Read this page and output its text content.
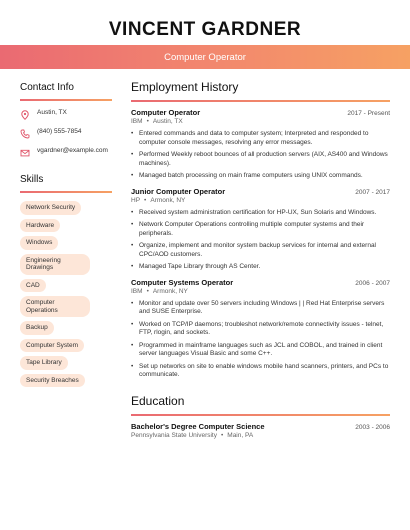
VINCENT GARDNER
Computer Operator
Contact Info
Austin, TX
(840) 555-7854
vgardner@example.com
Skills
Network Security
Hardware
Windows
Engineering Drawings
CAD
Computer Operations
Backup
Computer System
Tape Library
Security Breaches
Employment History
Computer Operator	2017 - Present
IBM • Austin, TX
• Entered commands and data to computer system; Interpreted and responded to computer console messages, resolving any error messages.
• Performed Weekly reboot bounces of all production servers (AIX, AS400 and Windows machines).
• Managed batch processing on main frame computers using UNIX commands.
Junior Computer Operator	2007 - 2017
HP • Armonk, NY
• Received system administration certification for HP-UX, Sun Solaris and Windows.
• Network Computer Operations controlling multiple computer systems and their peripherals.
• Organize, implement and monitor system backup services for internal and external CPC/AOD customers.
• Managed Tape Library through AS Center.
Computer Systems Operator	2006 - 2007
IBM • Armonk, NY
• Monitor and update over 50 servers including Windows | | Red Hat Enterprise servers and SUSE Enterprise.
• Worked on TCP/IP daemons; troubleshot network/remote connectivity issues - telnet, FTP, rlogin, and sockets.
• Programmed in mainframe languages such as JCL and COBOL, and trained in client server languages Visual Basic and some C++.
• Set up networks on site to enable windows mobile hand scanners, printers, and PCs to communicate.
Education
Bachelor's Degree Computer Science	2003 - 2006
Pennsylvania State University • Main, PA
